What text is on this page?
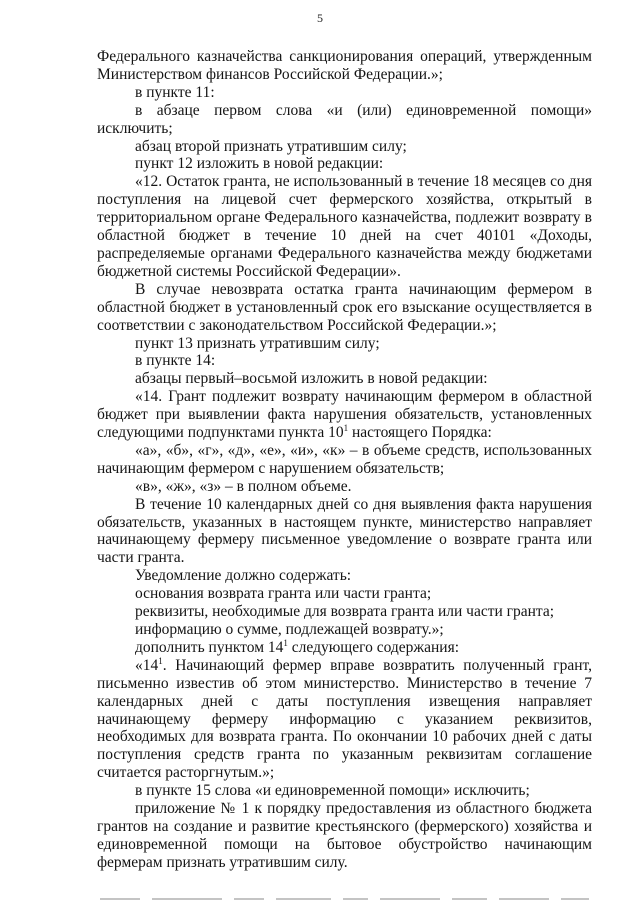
5

Федерального казначейства санкционирования операций, утвержденным

Министерством финансов Российской Федерации.»;

в пункте 11:

в абзаце первом слова «и (или) единовременной помощи» исключить;

абзац второй признать утратившим силу;

пункт 12 изложить в новой редакции:

«12. Остаток гранта, не использованный в течение 18 месяцев со дня поступления на лицевой счет фермерского хозяйства, открытый в территориальном органе Федерального казначейства, подлежит возврату в областной бюджет в течение 10 дней на счет 40101 «Доходы, распределяемые органами Федерального казначейства между бюджетами бюджетной системы Российской Федерации».

В случае невозврата остатка гранта начинающим фермером в областной бюджет в установленный срок его взыскание осуществляется в соответствии с законодательством Российской Федерации.»;

пункт 13 признать утратившим силу;

в пункте 14:

абзацы первый–восьмой изложить в новой редакции:

«14. Грант подлежит возврату начинающим фермером в областной бюджет при выявлении факта нарушения обязательств, установленных следующими подпунктами пункта $10^1$ настоящего Порядка:

«а», «б», «г», «д», «е», «и», «к» – в объеме средств, использованных начинающим фермером с нарушением обязательств;

«в», «ж», «з» – в полном объеме.

В течение 10 календарных дней со дня выявления факта нарушения обязательств, указанных в настоящем пункте, министерство направляет начинающему фермеру письменное уведомление о возврате гранта или части гранта.

Уведомление должно содержать:

основания возврата гранта или части гранта;

реквизиты, необходимые для возврата гранта или части гранта;

информацию о сумме, подлежащей возврату.»;

дополнить пунктом $14^1$ следующего содержания:

«$14^1$. Начинающий фермер вправе возвратить полученный грант, письменно известив об этом министерство. Министерство в течение 7 календарных дней с даты поступления извещения направляет начинающему фермеру информацию с указанием реквизитов, необходимых для возврата гранта. По окончании 10 рабочих дней с даты поступления средств гранта по указанным реквизитам соглашение считается расторгнутым.»;

в пункте 15 слова «и единовременной помощи» исключить;

приложение № 1 к порядку предоставления из областного бюджета грантов на создание и развитие крестьянского (фермерского) хозяйства и единовременной помощи на бытовое обустройство начинающим фермерам признать утратившим силу.
